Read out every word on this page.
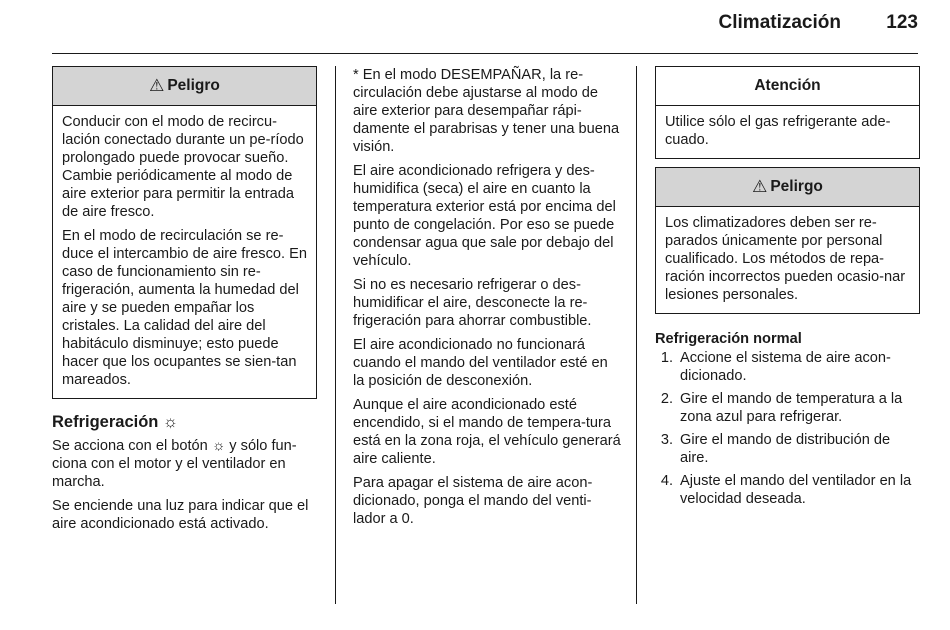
Climatización 123
⚠ Peligro

Conducir con el modo de recircu-lación conectado durante un pe-ríodo prolongado puede provocar sueño. Cambie periódicamente al modo de aire exterior para permitir la entrada de aire fresco.

En el modo de recirculación se re-duce el intercambio de aire fresco. En caso de funcionamiento sin re-frigeración, aumenta la humedad del aire y se pueden empañar los cristales. La calidad del aire del habitáculo disminuye; esto puede hacer que los ocupantes se sien-tan mareados.

Refrigeración ☼

Se acciona con el botón ☼ y sólo fun-ciona con el motor y el ventilador en marcha.

Se enciende una luz para indicar que el aire acondicionado está activado.

* En el modo DESEMPAÑAR, la re-circulación debe ajustarse al modo de aire exterior para desempañar rápi-damente el parabrisas y tener una buena visión.

El aire acondicionado refrigera y des-humidifica (seca) el aire en cuanto la temperatura exterior está por encima del punto de congelación. Por eso se puede condensar agua que sale por debajo del vehículo.

Si no es necesario refrigerar o des-humidificar el aire, desconecte la re-frigeración para ahorrar combustible.

El aire acondicionado no funcionará cuando el mando del ventilador esté en la posición de desconexión.

Aunque el aire acondicionado esté encendido, si el mando de tempera-tura está en la zona roja, el vehículo generará aire caliente.

Para apagar el sistema de aire acon-dicionado, ponga el mando del venti-lador a 0.

Atención

Utilice sólo el gas refrigerante ade-cuado.

⚠ Pelirgo

Los climatizadores deben ser re-parados únicamente por personal cualificado. Los métodos de repa-ración incorrectos pueden ocasio-nar lesiones personales.

Refrigeración normal
1. Accione el sistema de aire acon-dicionado.
2. Gire el mando de temperatura a la zona azul para refrigerar.
3. Gire el mando de distribución de aire.
4. Ajuste el mando del ventilador en la velocidad deseada.
